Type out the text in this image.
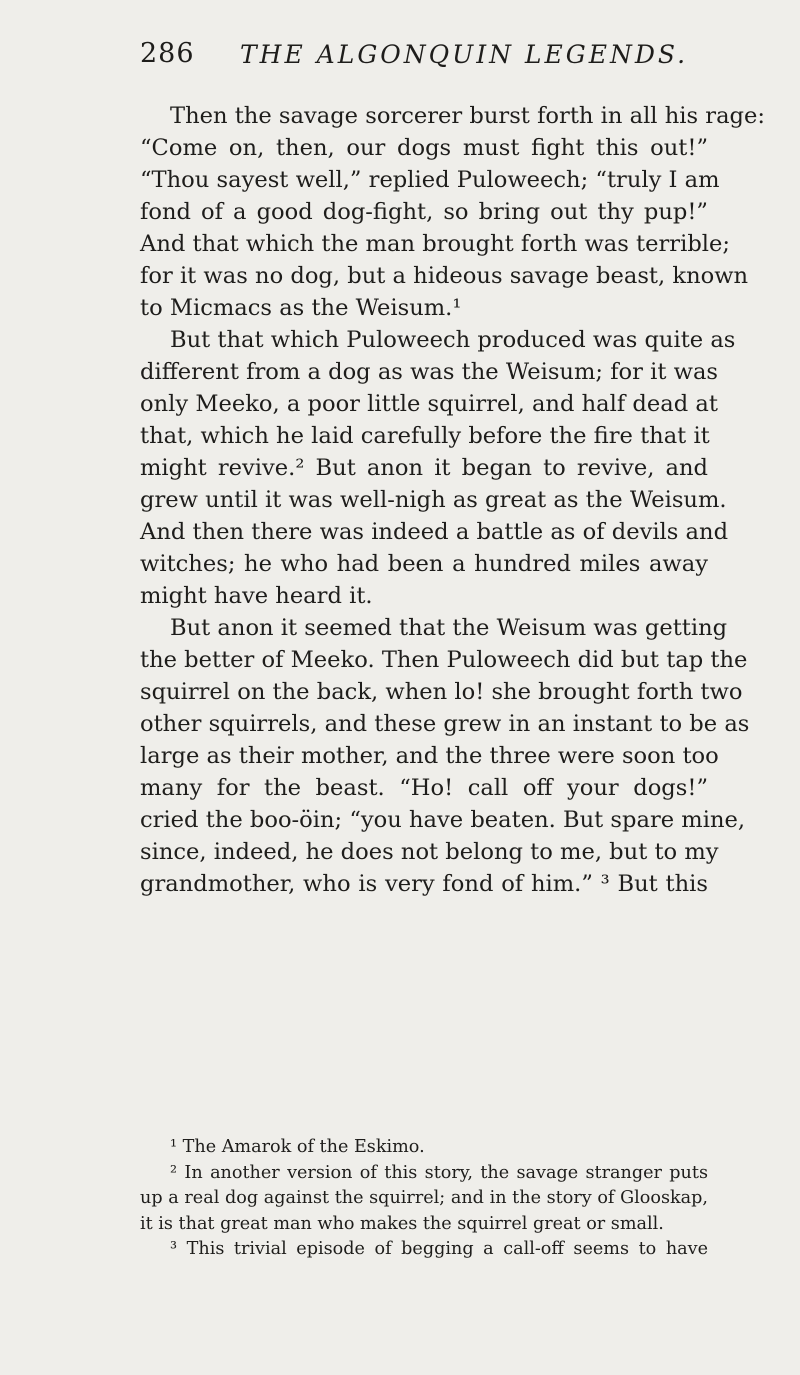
286 THE ALGONQUIN LEGENDS.
Then the savage sorcerer burst forth in all his rage:
“Come on, then, our dogs must fight this out!”
“Thou sayest well,” replied Puloweech; “truly I am
fond of a good dog-fight, so bring out thy pup!”
And that which the man brought forth was terrible;
for it was no dog, but a hideous savage beast, known
to Micmacs as the Weisum.¹
But that which Puloweech produced was quite as
different from a dog as was the Weisum; for it was
only Meeko, a poor little squirrel, and half dead at
that, which he laid carefully before the fire that it
might revive.² But anon it began to revive, and
grew until it was well-nigh as great as the Weisum.
And then there was indeed a battle as of devils and
witches; he who had been a hundred miles away
might have heard it.
But anon it seemed that the Weisum was getting
the better of Meeko. Then Puloweech did but tap the
squirrel on the back, when lo! she brought forth two
other squirrels, and these grew in an instant to be as
large as their mother, and the three were soon too
many for the beast. “Ho! call off your dogs!”
cried the boo-öin; “you have beaten. But spare mine,
since, indeed, he does not belong to me, but to my
grandmother, who is very fond of him.” ³ But this
¹ The Amarok of the Eskimo.
² In another version of this story, the savage stranger puts
up a real dog against the squirrel; and in the story of Glooskap,
it is that great man who makes the squirrel great or small.
³ This trivial episode of begging a call-off seems to have
